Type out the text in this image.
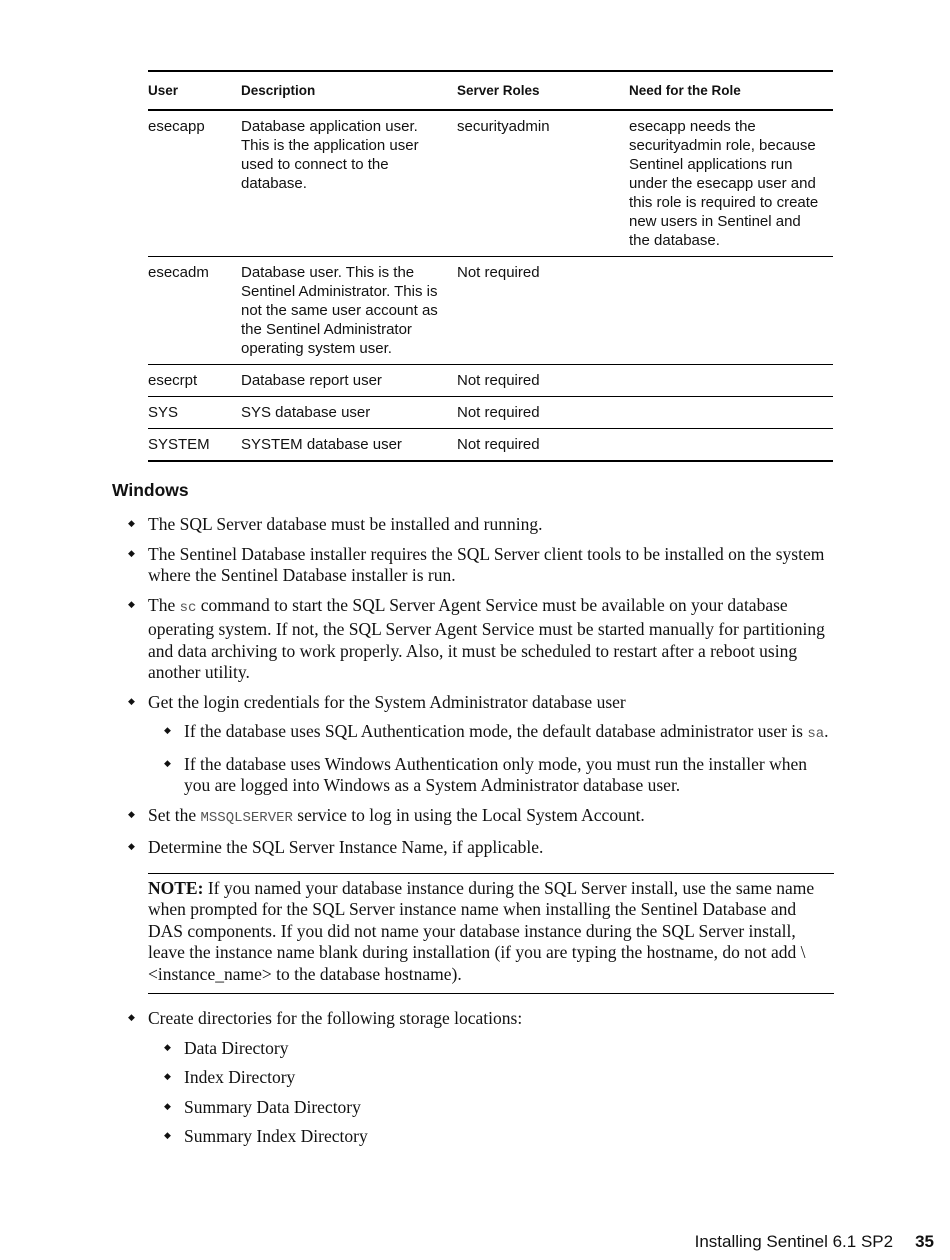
User	Description	Server Roles	Need for the Role
esecapp	Database application user. This is the application user used to connect to the database.	securityadmin	esecapp needs the securityadmin role, because Sentinel applications run under the esecapp user and this role is required to create new users in Sentinel and the database.
esecadm	Database user. This is the Sentinel Administrator. This is not the same user account as the Sentinel Administrator operating system user.	Not required	
esecrpt	Database report user	Not required	
SYS	SYS database user	Not required	
SYSTEM	SYSTEM database user	Not required	
Windows
◆ The SQL Server database must be installed and running.
◆ The Sentinel Database installer requires the SQL Server client tools to be installed on the system where the Sentinel Database installer is run.
◆ The sc command to start the SQL Server Agent Service must be available on your database operating system. If not, the SQL Server Agent Service must be started manually for partitioning and data archiving to work properly. Also, it must be scheduled to restart after a reboot using another utility.
◆ Get the login credentials for the System Administrator database user
◆ If the database uses SQL Authentication mode, the default database administrator user is sa.
◆ If the database uses Windows Authentication only mode, you must run the installer when you are logged into Windows as a System Administrator database user.
◆ Set the MSSQLSERVER service to log in using the Local System Account.
◆ Determine the SQL Server Instance Name, if applicable.
NOTE: If you named your database instance during the SQL Server install, use the same name when prompted for the SQL Server instance name when installing the Sentinel Database and DAS components. If you did not name your database instance during the SQL Server install, leave the instance name blank during installation (if you are typing the hostname, do not add \<instance_name> to the database hostname).
◆ Create directories for the following storage locations:
◆ Data Directory
◆ Index Directory
◆ Summary Data Directory
◆ Summary Index Directory
Installing Sentinel 6.1 SP2 35
